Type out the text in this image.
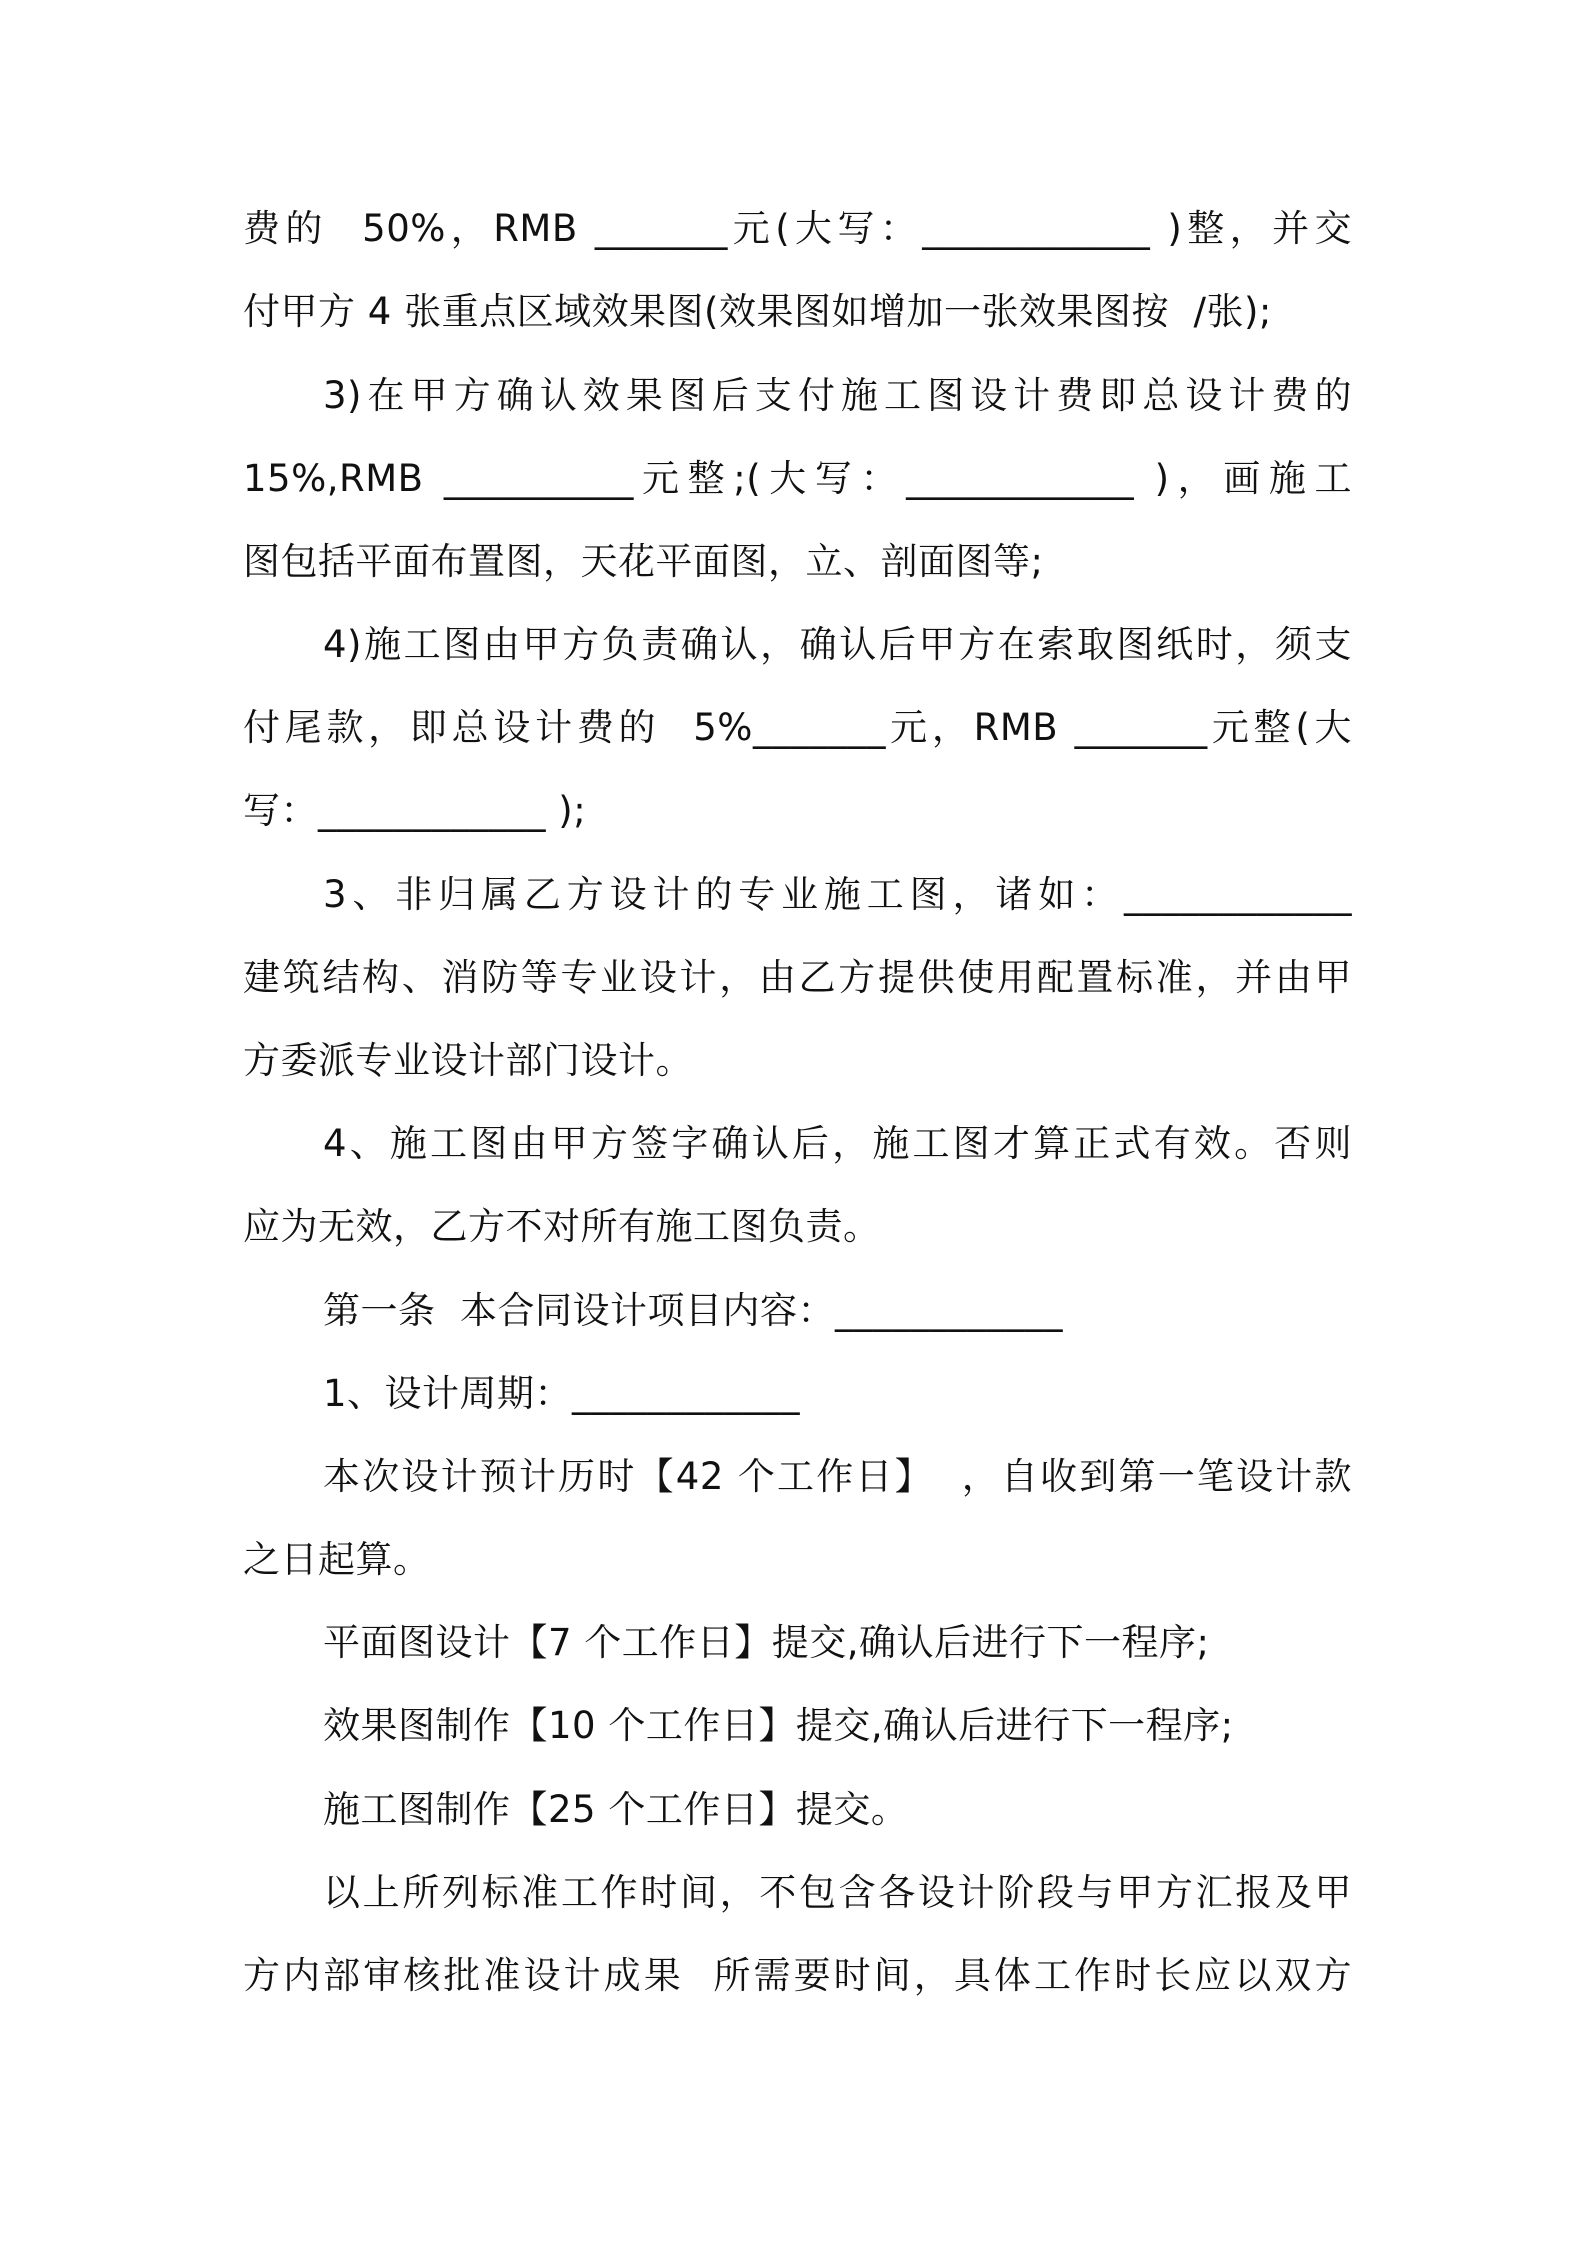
费的  50%，RMB _______元(大写：____________ )整，并交
付甲方 4 张重点区域效果图(效果图如增加一张效果图按  /张);
3)在甲方确认效果图后支付施工图设计费即总设计费的
15%,RMB __________元整;(大写：____________ )，画施工
图包括平面布置图，天花平面图，立、剖面图等;
4)施工图由甲方负责确认，确认后甲方在索取图纸时，须支
付尾款，即总设计费的  5%_______元，RMB _______元整(大
写：____________ );
3、非归属乙方设计的专业施工图，诸如：____________
建筑结构、消防等专业设计，由乙方提供使用配置标准，并由甲
方委派专业设计部门设计。
4、施工图由甲方签字确认后，施工图才算正式有效。否则
应为无效，乙方不对所有施工图负责。
第一条  本合同设计项目内容：____________
1、设计周期：____________
本次设计预计历时【42 个工作日】  ，自收到第一笔设计款
之日起算。
平面图设计【7 个工作日】提交,确认后进行下一程序;
效果图制作【10 个工作日】提交,确认后进行下一程序;
施工图制作【25 个工作日】提交。
以上所列标准工作时间，不包含各设计阶段与甲方汇报及甲
方内部审核批准设计成果  所需要时间，具体工作时长应以双方
